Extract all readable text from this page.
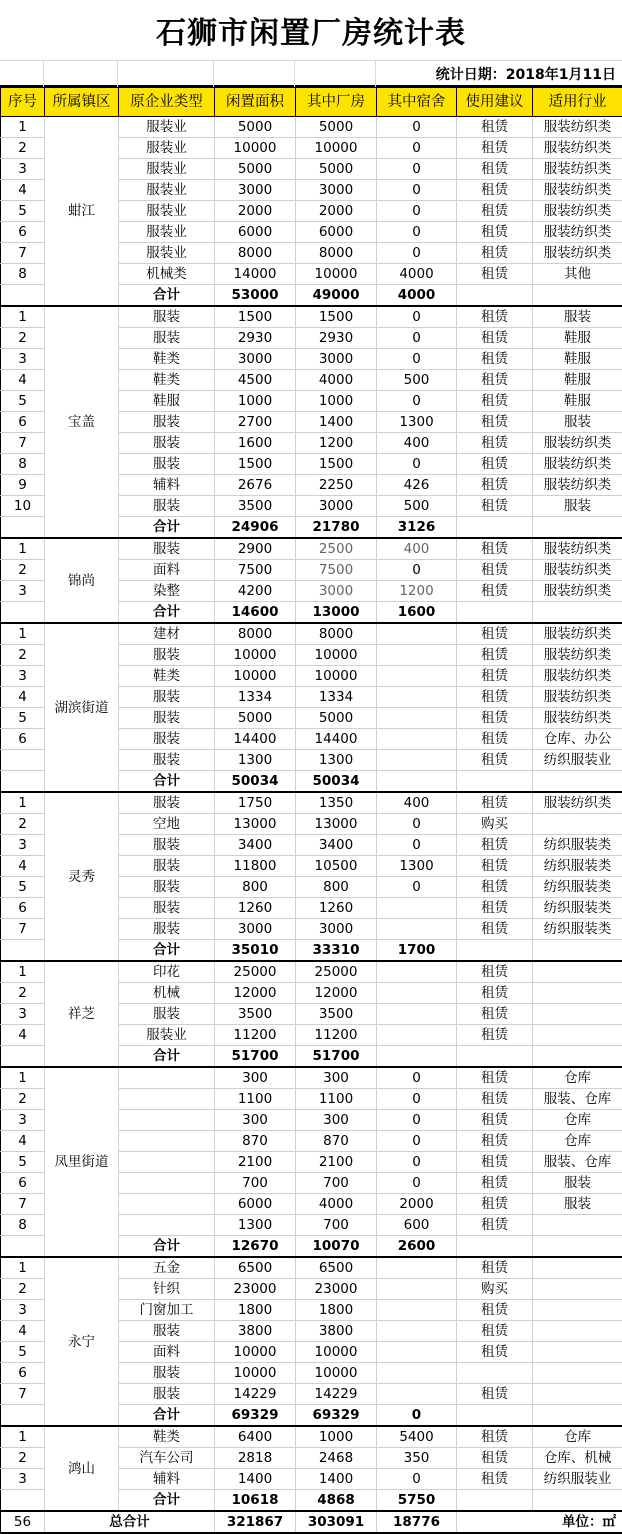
石狮市闲置厂房统计表
统计日期：2018年1月11日
序号	所属镇区	原企业类型	闲置面积	其中厂房	其中宿舍	使用建议	适用行业
1	蚶江	服装业	5000	5000	0	租赁	服装纺织类
2		服装业	10000	10000	0	租赁	服装纺织类
3		服装业	5000	5000	0	租赁	服装纺织类
4		服装业	3000	3000	0	租赁	服装纺织类
5		服装业	2000	2000	0	租赁	服装纺织类
6		服装业	6000	6000	0	租赁	服装纺织类
7		服装业	8000	8000	0	租赁	服装纺织类
8		机械类	14000	10000	4000	租赁	其他
		合计	53000	49000	4000		
1	宝盖	服装	1500	1500	0	租赁	服装
2		服装	2930	2930	0	租赁	鞋服
3		鞋类	3000	3000	0	租赁	鞋服
4		鞋类	4500	4000	500	租赁	鞋服
5		鞋服	1000	1000	0	租赁	鞋服
6		服装	2700	1400	1300	租赁	服装
7		服装	1600	1200	400	租赁	服装纺织类
8		服装	1500	1500	0	租赁	服装纺织类
9		辅料	2676	2250	426	租赁	服装纺织类
10		服装	3500	3000	500	租赁	服装
		合计	24906	21780	3126		
1	锦尚	服装	2900	2500	400	租赁	服装纺织类
2		面料	7500	7500	0	租赁	服装纺织类
3		染整	4200	3000	1200	租赁	服装纺织类
		合计	14600	13000	1600		
1	湖滨街道	建材	8000	8000		租赁	服装纺织类
2		服装	10000	10000		租赁	服装纺织类
3		鞋类	10000	10000		租赁	服装纺织类
4		服装	1334	1334		租赁	服装纺织类
5		服装	5000	5000		租赁	服装纺织类
6		服装	14400	14400		租赁	仓库、办公
		服装	1300	1300		租赁	纺织服装业
		合计	50034	50034			
1	灵秀	服装	1750	1350	400	租赁	服装纺织类
2		空地	13000	13000	0	购买	
3		服装	3400	3400	0	租赁	纺织服装类
4		服装	11800	10500	1300	租赁	纺织服装类
5		服装	800	800	0	租赁	纺织服装类
6		服装	1260	1260		租赁	纺织服装类
7		服装	3000	3000		租赁	纺织服装类
		合计	35010	33310	1700		
1	祥芝	印花	25000	25000		租赁	
2		机械	12000	12000		租赁	
3		服装	3500	3500		租赁	
4		服装业	11200	11200		租赁	
		合计	51700	51700			
1	凤里街道		300	300	0	租赁	仓库
2			1100	1100	0	租赁	服装、仓库
3			300	300	0	租赁	仓库
4			870	870	0	租赁	仓库
5			2100	2100	0	租赁	服装、仓库
6			700	700	0	租赁	服装
7			6000	4000	2000	租赁	服装
8			1300	700	600	租赁	
		合计	12670	10070	2600		
1	永宁	五金	6500	6500		租赁	
2		针织	23000	23000		购买	
3		门窗加工	1800	1800		租赁	
4		服装	3800	3800		租赁	
5		面料	10000	10000		租赁	
6		服装	10000	10000			
7		服装	14229	14229		租赁	
		合计	69329	69329	0		
1	鸿山	鞋类	6400	1000	5400	租赁	仓库
2		汽车公司	2818	2468	350	租赁	仓库、机械
3		辅料	1400	1400	0	租赁	纺织服装业
		合计	10618	4868	5750		
56	总合计		321867	303091	18776	单位：㎡	
